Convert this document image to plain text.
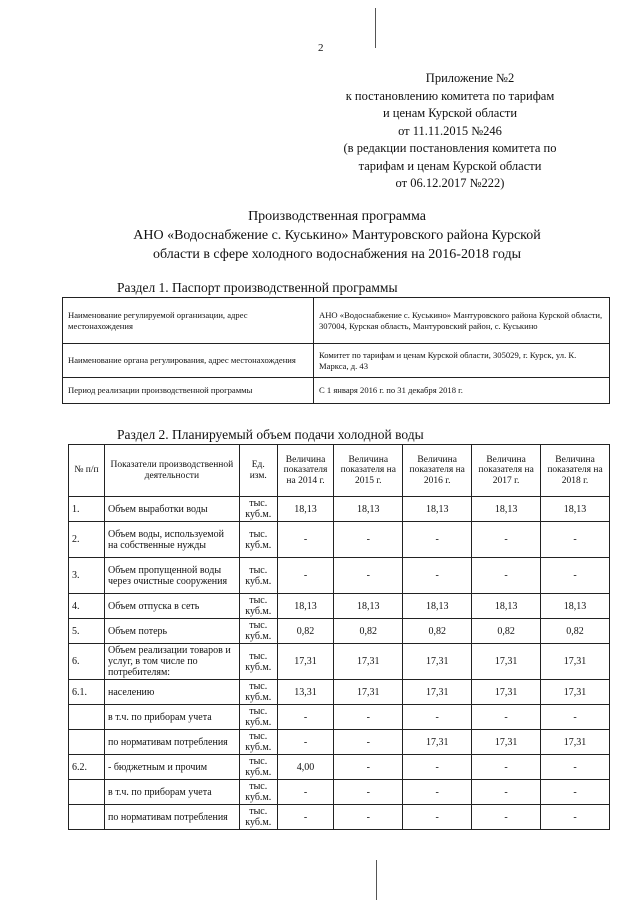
2
Приложение №2
к постановлению комитета по тарифам
и ценам Курской области
от 11.11.2015 №246
(в редакции постановления комитета по
тарифам и ценам Курской области
от 06.12.2017 №222)
Производственная программа
АНО «Водоснабжение с. Куськино» Мантуровского района Курской
области в сфере холодного водоснабжения на 2016-2018 годы
Раздел 1. Паспорт производственной программы
Наименование регулируемой организации, адрес местонахождения	АНО «Водоснабжение с. Куськино» Мантуровского района Курской области, 307004, Курская область, Мантуровский район, с. Куськино
Наименование органа регулирования, адрес местонахождения	Комитет по тарифам и ценам Курской области, 305029, г. Курск, ул. К. Маркса, д. 43
Период реализации производственной программы	С 1 января 2016 г. по 31 декабря 2018 г.
Раздел 2. Планируемый объем подачи холодной воды
№ п/п	Показатели производственной деятельности	Ед. изм.	Величина показателя на 2014 г.	Величина показателя на 2015 г.	Величина показателя на 2016 г.	Величина показателя на 2017 г.	Величина показателя на 2018 г.
1.	Объем выработки воды	тыс. куб.м.	18,13	18,13	18,13	18,13	18,13
2.	Объем воды, используемой на собственные нужды	тыс. куб.м.	-	-	-	-	-
3.	Объем пропущенной воды через очистные сооружения	тыс. куб.м.	-	-	-	-	-
4.	Объем отпуска в сеть	тыс. куб.м.	18,13	18,13	18,13	18,13	18,13
5.	Объем потерь	тыс. куб.м.	0,82	0,82	0,82	0,82	0,82
6.	Объем реализации товаров и услуг, в том числе по потребителям:	тыс. куб.м.	17,31	17,31	17,31	17,31	17,31
6.1.	населению	тыс. куб.м.	13,31	17,31	17,31	17,31	17,31
	в т.ч. по приборам учета	тыс. куб.м.	-	-	-	-	-
	по нормативам потребления	тыс. куб.м.	-	-	17,31	17,31	17,31
6.2.	- бюджетным и прочим	тыс. куб.м.	4,00	-	-	-	-
	в т.ч. по приборам учета	тыс. куб.м.	-	-	-	-	-
	по нормативам потребления	тыс. куб.м.	-	-	-	-	-
